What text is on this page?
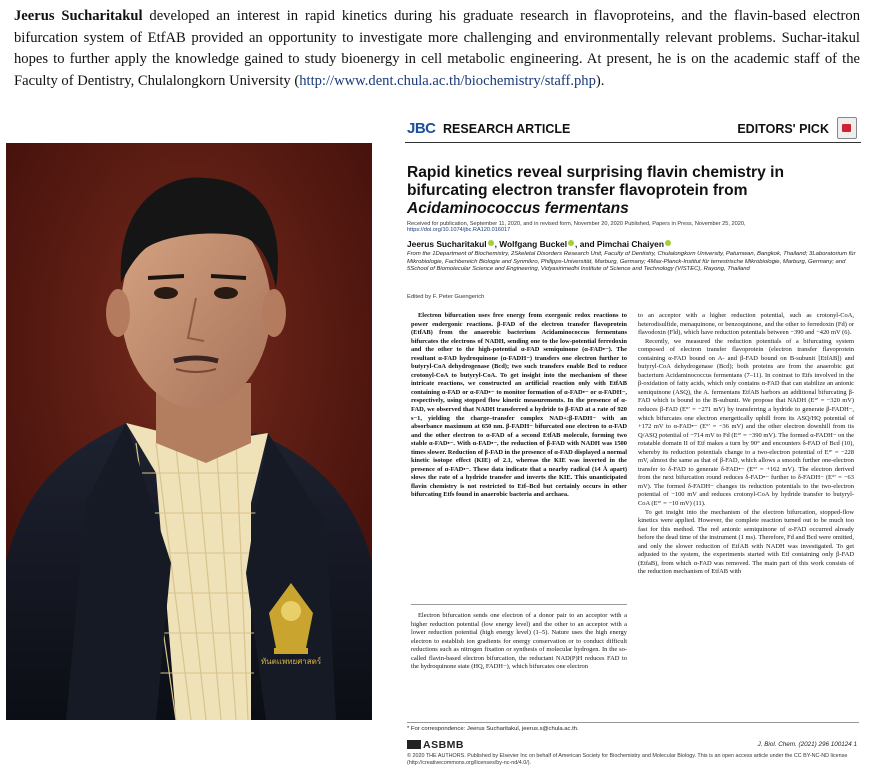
Jeerus Sucharitakul developed an interest in rapid kinetics during his graduate research in flavoproteins, and the flavin-based electron bifurcation system of EtfAB provided an opportunity to investigate more challenging and environmentally relevant problems. Suchar-itakul hopes to further apply the knowledge gained to study bioenergy in cell metabolic engineering. At present, he is on the academic staff of the Faculty of Dentistry, Chulalongkorn University (http://www.dent.chula.ac.th/biochemistry/staff.php).
ทันตแพทยศาสตร์
JBC RESEARCH ARTICLE	EDITORS' PICK
Rapid kinetics reveal surprising flavin chemistry in bifurcating electron transfer flavoprotein from Acidaminococcus fermentans
Received for publication, September 11, 2020, and in revised form, November 20, 2020 Published, Papers in Press, November 25, 2020,
https://doi.org/10.1074/jbc.RA120.016017
Jeerus Sucharitakul , Wolfgang Buckel , and Pimchai Chaiyen
From the 1Department of Biochemistry, 2Skeletal Disorders Research Unit, Faculty of Dentistry, Chulalongkorn University, Patumwan, Bangkok, Thailand; 3Laboratorium für Mikrobiologie, Fachbereich Biologie and Synmikro, Philipps-Universität, Marburg, Germany; 4Max-Planck-Institut für terrestrische Mikrobiologie, Marburg, Germany; and 5School of Biomolecular Science and Engineering, Vidyasirimedhi Institute of Science and Technology (VISTEC), Rayong, Thailand
Edited by F. Peter Guengerich

Electron bifurcation uses free energy from exergonic redox reactions to power endergonic reactions. β-FAD of the electron transfer flavoprotein (EtfAB) from the anaerobic bacterium Acidaminococcus fermentans bifurcates the electrons of NADH, sending one to the low-potential ferredoxin and the other to the high-potential α-FAD semiquinone (α-FAD•−). The resultant α-FAD hydroquinone (α-FADH−) transfers one electron further to butyryl-CoA dehydrogenase (Bcd); two such transfers enable Bcd to reduce crotonyl-CoA to butyryl-CoA. To get insight into the mechanism of these intricate reactions, we constructed an artificial reaction only with EtfAB containing α-FAD or α-FAD•− to monitor formation of α-FAD•− or α-FADH−, respectively, using stopped flow kinetic measurements. In the presence of α-FAD, we observed that NADH transferred a hydride to β-FAD at a rate of 920 s−1, yielding the charge–transfer complex NAD+:β-FADH− with an absorbance maximum at 650 nm. β-FADH− bifurcated one electron to α-FAD and the other electron to α-FAD of a second EtfAB molecule, forming two stable α-FAD•−. With α-FAD•−, the reduction of β-FAD with NADH was 1500 times slower. Reduction of β-FAD in the presence of α-FAD displayed a normal kinetic isotope effect (KIE) of 2.1, whereas the KIE was inverted in the presence of α-FAD•−. These data indicate that a nearby radical (14 Å apart) slows the rate of a hydride transfer and inverts the KIE. This unanticipated flavin chemistry is not restricted to Etf–Bcd but certainly occurs in other bifurcating Etfs found in anaerobic bacteria and archaea.

Electron bifurcation sends one electron of a donor pair to an acceptor with a higher reduction potential (low energy level) and the other to an acceptor with a lower reduction potential (high energy level) (1–5). Nature uses the high energy electron to establish ion gradients for energy conservation or to conduct difficult reductions such as nitrogen fixation or synthesis of molecular hydrogen. In the so-called flavin-based electron bifurcation, the reductant NAD(P)H reduces FAD to the hydroquinone state (HQ, FADH−), which bifurcates one electron

to an acceptor with a higher reduction potential, such as crotonyl-CoA, heterodisulfide, menaquinone, or benzoquinone, and the other to ferredoxin (Fd) or flavodoxin (Fld), which have reduction potentials between −390 and −420 mV (6).

Recently, we measured the reduction potentials of a bifurcating system composed of electron transfer flavoprotein (electron transfer flavoprotein containing α-FAD bound on A- and β-FAD bound on B-subunit [EtfAB]) and butyryl-CoA dehydrogenase (Bcd); both proteins are from the anaerobic gut bacterium Acidaminococcus fermentans (7–11). In contrast to Etfs involved in the β-oxidation of fatty acids, which only contains α-FAD that can stabilize an anionic semiquinone (ASQ), the A. fermentans EtfAB harbors an additional bifurcating β-FAD which is bound to the B-subunit. We propose that NADH (E°′ = −320 mV) reduces β-FAD (E°′ = −271 mV) by transferring a hydride to generate β-FADH−, which bifurcates one electron energetically uphill from its ASQ/HQ potential of +172 mV to α-FAD•− (E°′ = −36 mV) and the other electron downhill from its Q/ASQ potential of −714 mV to Fd (E°′ = −390 mV). The formed α-FADH− on the rotatable domain II of Etf makes a turn by 90° and encounters δ-FAD of Bcd (10), whereby its reduction potentials change to a two-electron potential of E°′ = −228 mV, almost the same as that of β-FAD, which allows a smooth further one-electron transfer to δ-FAD to generate δ-FAD•− (E°′ = +162 mV). The electron derived from the next bifurcation round reduces δ-FAD•− further to δ-FADH− (E°′ = −63 mV). The formed δ-FADH− changes its reduction potentials to the two-electron potential of −100 mV and reduces crotonyl-CoA by hydride transfer to butyryl-CoA (E°′ = −10 mV) (11).

To get insight into the mechanism of the electron bifurcation, stopped-flow kinetics were applied. However, the complete reaction turned out to be much too fast for this method. The red anionic semiquinone of α-FAD occurred already before the dead time of the instrument (1 ms). Therefore, Fd and Bcd were omitted, and only the slower reduction of EtfAB with NADH was investigated. To get adjusted to the system, the experiments started with Etf containing only β-FAD (EtfaB), from which α-FAD was removed. The main part of this work consists of the reduction mechanism of EtfAB with

* For correspondence: Jeerus Sucharitakul, jeerus.s@chula.ac.th.
ASBMB	J. Biol. Chem. (2021) 296 100124 1
© 2020 THE AUTHORS. Published by Elsevier Inc on behalf of American Society for Biochemistry and Molecular Biology. This is an open access article under the CC BY-NC-ND license (http://creativecommons.org/licenses/by-nc-nd/4.0/).
